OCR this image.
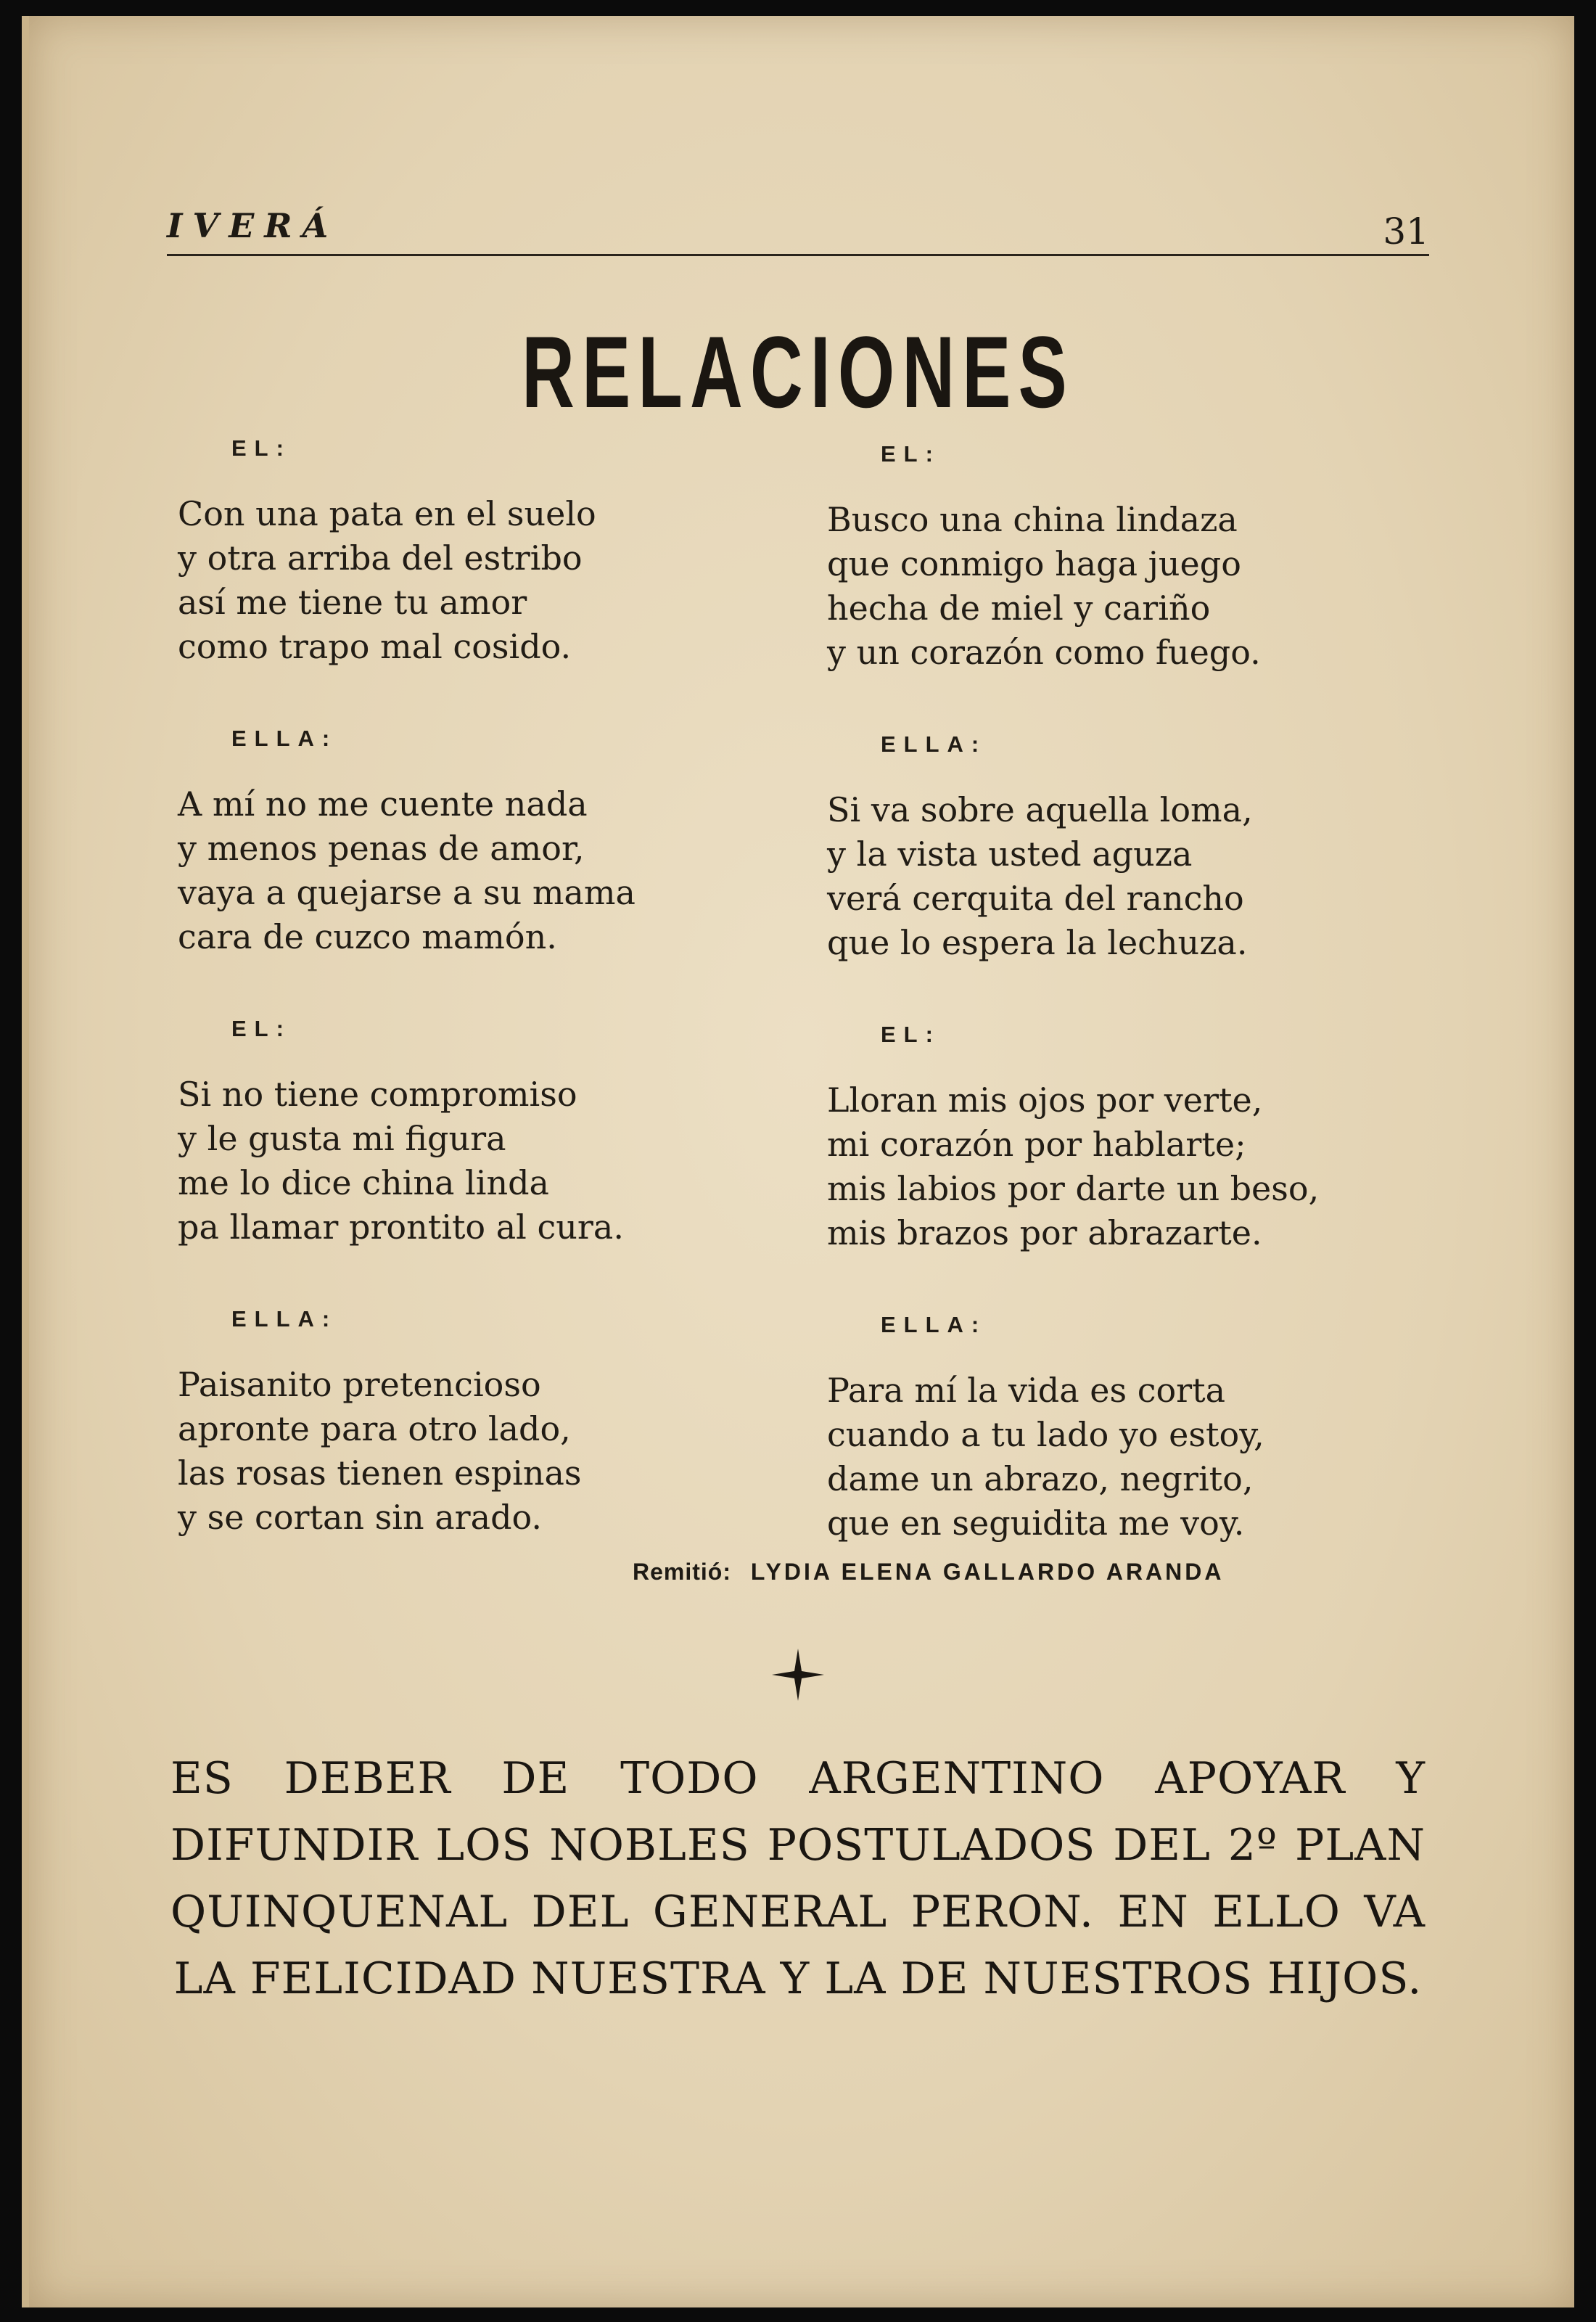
IVERÁ	31
RELACIONES
EL:
Con una pata en el suelo
y otra arriba del estribo
así me tiene tu amor
como trapo mal cosido.
ELLA:
A mí no me cuente nada
y menos penas de amor,
vaya a quejarse a su mama
cara de cuzco mamón.
EL:
Si no tiene compromiso
y le gusta mi figura
me lo dice china linda
pa llamar prontito al cura.
ELLA:
Paisanito pretencioso
apronte para otro lado,
las rosas tienen espinas
y se cortan sin arado.
EL:
Busco una china lindaza
que conmigo haga juego
hecha de miel y cariño
y un corazón como fuego.
ELLA:
Si va sobre aquella loma,
y la vista usted aguza
verá cerquita del rancho
que lo espera la lechuza.
EL:
Lloran mis ojos por verte,
mi corazón por hablarte;
mis labios por darte un beso,
mis brazos por abrazarte.
ELLA:
Para mí la vida es corta
cuando a tu lado yo estoy,
dame un abrazo, negrito,
que en seguidita me voy.
Remitió: LYDIA ELENA GALLARDO ARANDA
ES DEBER DE TODO ARGENTINO APOYAR Y DIFUNDIR LOS NOBLES POSTULADOS DEL 2º PLAN QUINQUENAL DEL GENERAL PERON. EN ELLO VA LA FELICIDAD NUESTRA Y LA DE NUESTROS HIJOS.
